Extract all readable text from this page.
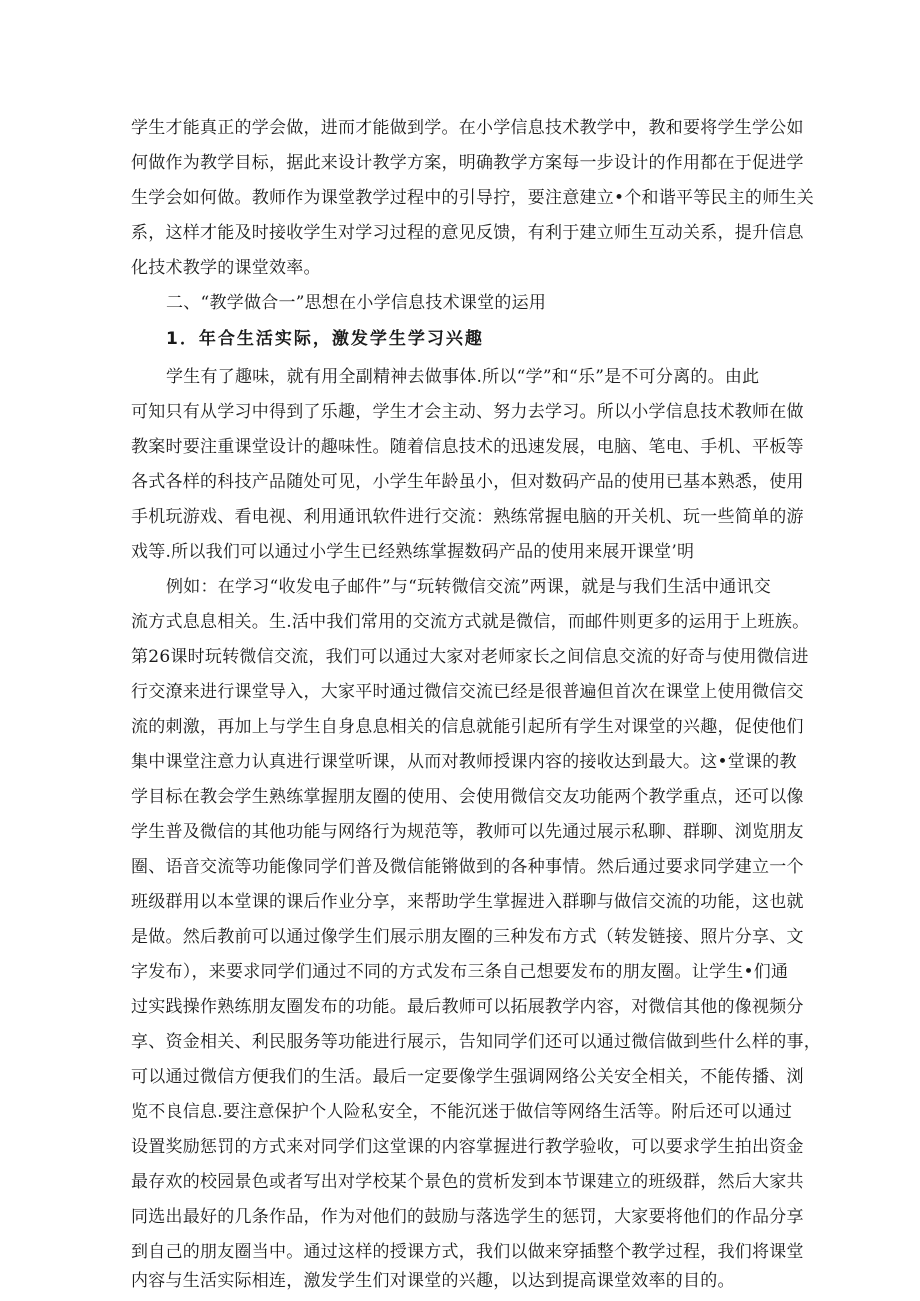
学生才能真正的学会做，进而才能做到学。在小学信息技术教学中，教和要将学生学公如
何做作为教学目标，据此来设计教学方案，明确教学方案每一步设计的作用都在于促进学
生学会如何做。教师作为课堂教学过程中的引导拧，要注意建立•个和谐平等民主的师生关
系，这样才能及时接收学生对学习过程的意见反馈，有利于建立师生互动关系，提升信息
化技术教学的课堂效率。
二、“教学做合一”思想在小学信息技术课堂的运用
1．年合生活实际，激发学生学习兴趣
学生有了趣味，就有用全副精神去做事体.所以“学”和“乐”是不可分离的。由此
可知只有从学习中得到了乐趣，学生才会主动、努力去学习。所以小学信息技术教师在做
教案时要注重课堂设计的趣味性。随着信息技术的迅速发展，电脑、笔电、手机、平板等
各式各样的科技产品随处可见，小学生年龄虽小，但对数码产品的使用已基本熟悉，使用
手机玩游戏、看电视、利用通讯软件进行交流：熟练常握电脑的开关机、玩一些简单的游
戏等.所以我们可以通过小学生已经熟练掌握数码产品的使用来展开课堂’明
例如：在学习“收发电子邮件”与“玩转微信交流”两课，就是与我们生活中通讯交
流方式息息相关。生.活中我们常用的交流方式就是微信，而邮件则更多的运用于上班族。
第26课时玩转微信交流，我们可以通过大家对老师家长之间信息交流的好奇与使用微信进
行交潦来进行课堂导入，大家平时通过微信交流已经是很普遍但首次在课堂上使用微信交
流的刺激，再加上与学生自身息息相关的信息就能引起所有学生对课堂的兴趣，促使他们
集中课堂注意力认真进行课堂听课，从而对教师授课内容的接收达到最大。这•堂课的教
学目标在教会学生熟练掌握朋友圈的使用、会使用微信交友功能两个教学重点，还可以像
学生普及微信的其他功能与网络行为规范等，教师可以先通过展示私聊、群聊、浏览朋友
圈、语音交流等功能像同学们普及微信能锵做到的各种事情。然后通过要求同学建立一个
班级群用以本堂课的课后作业分享，来帮助学生掌握进入群聊与做信交流的功能，这也就
是做。然后教前可以通过像学生们展示朋友圈的三种发布方式（转发链接、照片分享、文
字发布），来要求同学们通过不同的方式发布三条自己想要发布的朋友圈。让学生•们通
过实践操作熟练朋友圈发布的功能。最后教师可以拓展教学内容，对微信其他的像视频分
享、资金相关、利民服务等功能进行展示，告知同学们还可以通过微信做到些什么样的事，
可以通过微信方便我们的生活。最后一定要像学生强调网络公关安全相关，不能传播、浏
览不良信息.要注意保护个人险私安全，不能沉迷于做信等网络生活等。附后还可以通过
设置奖励惩罚的方式来对同学们这堂课的内容掌握进行教学验收，可以要求学生拍出资金
最存欢的校园景色或者写出对学校某个景色的赏析发到本节课建立的班级群，然后大家共
同选出最好的几条作品，作为对他们的鼓励与落选学生的惩罚，大家要将他们的作品分享
到自己的朋友圈当中。通过这样的授课方式，我们以做来穿插整个教学过程，我们将课堂
内容与生活实际相连，激发学生们对课堂的兴趣，以达到提高课堂效率的目的。
